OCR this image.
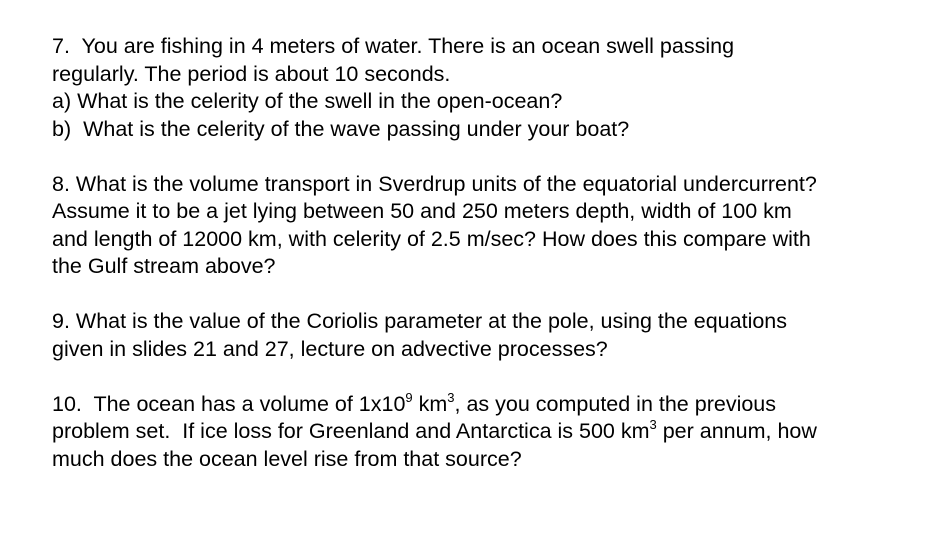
7.  You are fishing in 4 meters of water. There is an ocean swell passing
regularly. The period is about 10 seconds.
a) What is the celerity of the swell in the open-ocean?
b)  What is the celerity of the wave passing under your boat?
8. What is the volume transport in Sverdrup units of the equatorial undercurrent?
Assume it to be a jet lying between 50 and 250 meters depth, width of 100 km
and length of 12000 km, with celerity of 2.5 m/sec? How does this compare with
the Gulf stream above?
9. What is the value of the Coriolis parameter at the pole, using the equations
given in slides 21 and 27, lecture on advective processes?
10.  The ocean has a volume of $1x10^9$ $km^3$, as you computed in the previous
problem set.  If ice loss for Greenland and Antarctica is 500 $km^3$ per annum, how
much does the ocean level rise from that source?
